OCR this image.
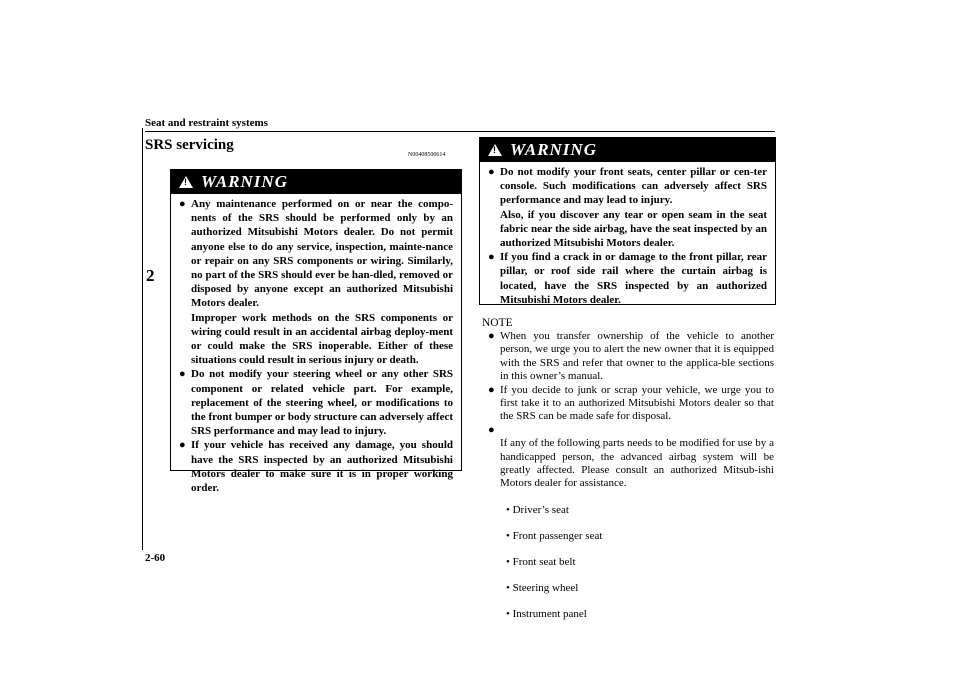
Seat and restraint systems
2
SRS servicing
N00408500614
!
WARNING
● Any maintenance performed on or near the compo-nents of the SRS should be performed only by an authorized Mitsubishi Motors dealer. Do not permit anyone else to do any service, inspection, mainte-nance or repair on any SRS components or wiring. Similarly, no part of the SRS should ever be han-dled, removed or disposed by anyone except an authorized Mitsubishi Motors dealer.
Improper work methods on the SRS components or wiring could result in an accidental airbag deploy-ment or could make the SRS inoperable. Either of these situations could result in serious injury or death.
● Do not modify your steering wheel or any other SRS component or related vehicle part. For example, replacement of the steering wheel, or modifications to the front bumper or body structure can adversely affect SRS performance and may lead to injury.
● If your vehicle has received any damage, you should have the SRS inspected by an authorized Mitsubishi Motors dealer to make sure it is in proper working order.
!
WARNING
● Do not modify your front seats, center pillar or cen-ter console. Such modifications can adversely affect SRS performance and may lead to injury.
Also, if you discover any tear or open seam in the seat fabric near the side airbag, have the seat inspected by an authorized Mitsubishi Motors dealer.
● If you find a crack in or damage to the front pillar, rear pillar, or roof side rail where the curtain airbag is located, have the SRS inspected by an authorized Mitsubishi Motors dealer.
NOTE
● When you transfer ownership of the vehicle to another person, we urge you to alert the new owner that it is equipped with the SRS and refer that owner to the applica-ble sections in this owner’s manual.
● If you decide to junk or scrap your vehicle, we urge you to first take it to an authorized Mitsubishi Motors dealer so that the SRS can be made safe for disposal.
●

If any of the following parts needs to be modified for use by a handicapped person, the advanced airbag system will be greatly affected. Please consult an authorized Mitsub-ishi Motors dealer for assistance.

• Driver’s seat

• Front passenger seat

• Front seat belt

• Steering wheel

• Instrument panel

2-60
